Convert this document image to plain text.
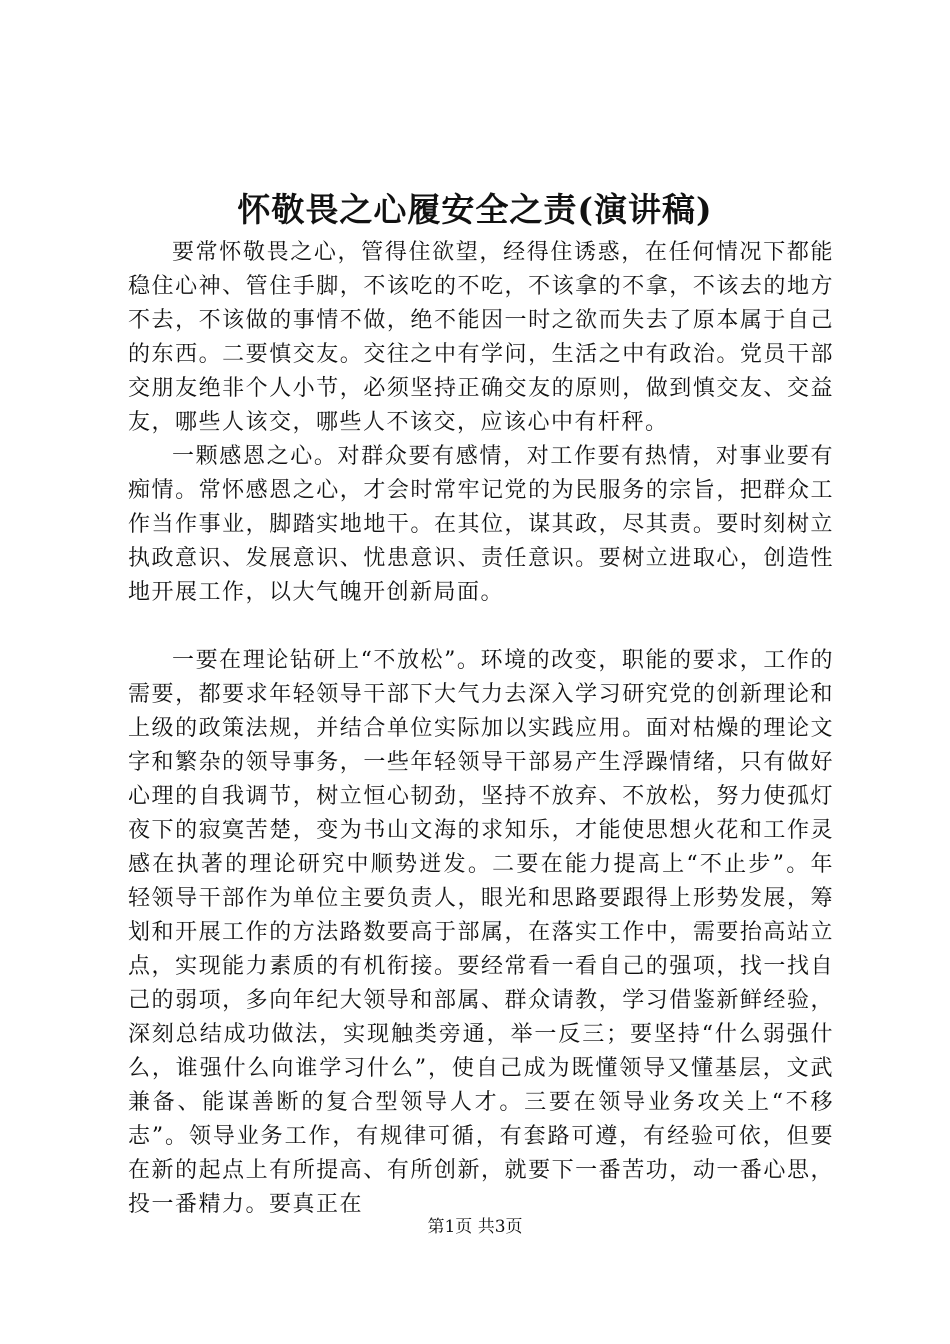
怀敬畏之心履安全之责(演讲稿)

要常怀敬畏之心，管得住欲望，经得住诱惑，在任何情况下都能稳住心神、管住手脚，不该吃的不吃，不该拿的不拿，不该去的地方不去，不该做的事情不做，绝不能因一时之欲而失去了原本属于自己的东西。二要慎交友。交往之中有学问，生活之中有政治。党员干部交朋友绝非个人小节，必须坚持正确交友的原则，做到慎交友、交益友，哪些人该交，哪些人不该交，应该心中有杆秤。

一颗感恩之心。对群众要有感情，对工作要有热情，对事业要有痴情。常怀感恩之心，才会时常牢记党的为民服务的宗旨，把群众工作当作事业，脚踏实地地干。在其位，谋其政，尽其责。要时刻树立执政意识、发展意识、忧患意识、责任意识。要树立进取心，创造性地开展工作，以大气魄开创新局面。

一要在理论钻研上“不放松”。环境的改变，职能的要求，工作的需要，都要求年轻领导干部下大气力去深入学习研究党的创新理论和上级的政策法规，并结合单位实际加以实践应用。面对枯燥的理论文字和繁杂的领导事务，一些年轻领导干部易产生浮躁情绪，只有做好心理的自我调节，树立恒心韧劲，坚持不放弃、不放松，努力使孤灯夜下的寂寞苦楚，变为书山文海的求知乐，才能使思想火花和工作灵感在执著的理论研究中顺势迸发。二要在能力提高上“不止步”。年轻领导干部作为单位主要负责人，眼光和思路要跟得上形势发展，筹划和开展工作的方法路数要高于部属，在落实工作中，需要抬高站立点，实现能力素质的有机衔接。要经常看一看自己的强项，找一找自己的弱项，多向年纪大领导和部属、群众请教，学习借鉴新鲜经验，深刻总结成功做法，实现触类旁通，举一反三；要坚持“什么弱强什么，谁强什么向谁学习什么”，使自己成为既懂领导又懂基层，文武兼备、能谋善断的复合型领导人才。三要在领导业务攻关上“不移志”。领导业务工作，有规律可循，有套路可遵，有经验可依，但要在新的起点上有所提高、有所创新，就要下一番苦功，动一番心思，投一番精力。要真正在

第1页 共3页
